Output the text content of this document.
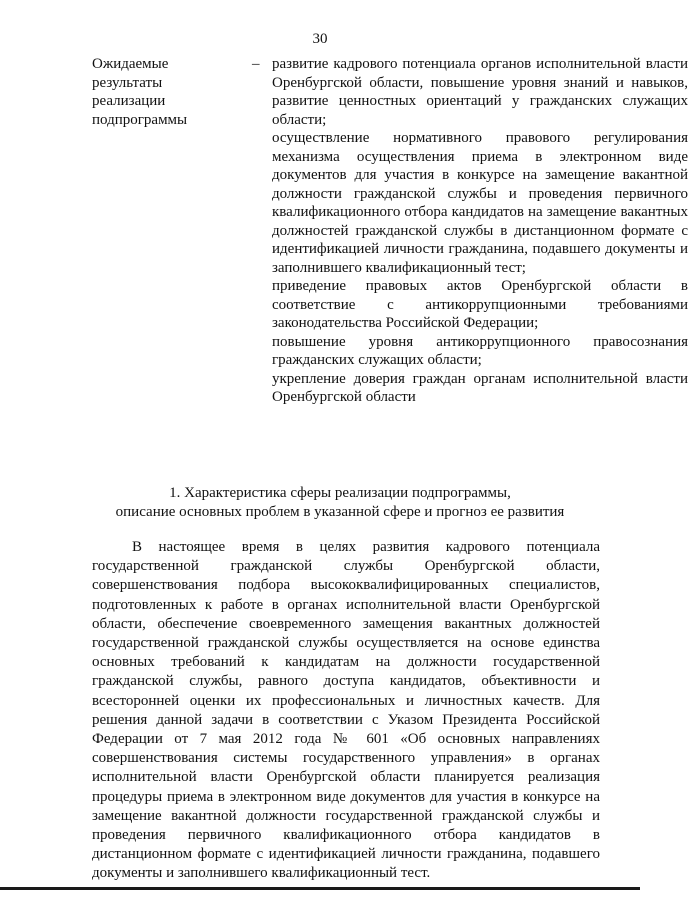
30
Ожидаемые
результаты
реализации
подпрограммы
– развитие кадрового потенциала органов исполнительной власти Оренбургской области, повышение уровня знаний и навыков, развитие ценностных ориентаций у гражданских служащих области;

осуществление нормативного правового регулирования механизма осуществления приема в электронном виде документов для участия в конкурсе на замещение вакантной должности гражданской службы и проведения первичного квалификационного отбора кандидатов на замещение вакантных должностей гражданской службы в дистанционном формате с идентификацией личности гражданина, подавшего документы и заполнившего квалификационный тест;

приведение правовых актов Оренбургской области в соответствие с антикоррупционными требованиями законодательства Российской Федерации;

повышение уровня антикоррупционного правосознания гражданских служащих области;

укрепление доверия граждан органам исполнительной власти Оренбургской области

1. Характеристика сферы реализации подпрограммы,
описание основных проблем в указанной сфере и прогноз ее развития

В настоящее время в целях развития кадрового потенциала государственной гражданской службы Оренбургской области, совершенствования подбора высококвалифицированных специалистов, подготовленных к работе в органах исполнительной власти Оренбургской области, обеспечение своевременного замещения вакантных должностей государственной гражданской службы осуществляется на основе единства основных требований к кандидатам на должности государственной гражданской службы, равного доступа кандидатов, объективности и всесторонней оценки их профессиональных и личностных качеств. Для решения данной задачи в соответствии с Указом Президента Российской Федерации от 7 мая 2012 года № 601 «Об основных направлениях совершенствования системы государственного управления» в органах исполнительной власти Оренбургской области планируется реализация процедуры приема в электронном виде документов для участия в конкурсе на замещение вакантной должности государственной гражданской службы и проведения первичного квалификационного отбора кандидатов в дистанционном формате с идентификацией личности гражданина, подавшего документы и заполнившего квалификационный тест.
